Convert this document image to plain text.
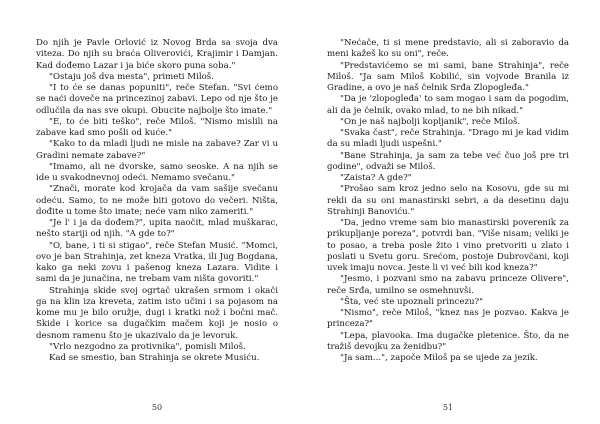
Do njih je Pavle Orlović iz Novog Brda sa svoja dva viteza. Do njih su braća Oliverovići, Krajimir i Damjan. Kad dođemo Lazar i ja biće skoro puna soba."

"Ostaju još dva mesta", primeti Miloš.

"I to će se danas popuniti", reče Stefan. "Svi ćemo se naći dovеče na princezinoj zabavi. Lepo od nje što je odlučila da nas sve okupi. Obucite najbolje što imate."

"E, to će biti teško", reče Miloš. "Nismo mislili na zabave kad smo pošli od kuće."

"Kako to da mladi ljudi ne misle na zabave? Zar vi u Gradini nemate zabave?"

"Imamo, ali ne dvorske, samo seoske. A na njih se ide u svakodnevnoj odeći. Nemamo svečanu."

"Znači, morate kod krojača da vam sašije svečanu odeću. Samo, to ne može biti gotovo do večeri. Ništa, dođite u tome što imate; neće vam niko zameriti."

"Je l' i ja da dođem?", upita naočit, mlad muškarac, nešto stariji od njih. "A gde to?"

"O, bane, i ti si stigao", reče Stefan Musić. "Momci, ovo je ban Strahinja, zet kneza Vratka, ili Jug Bogdana, kako ga neki zovu i pašenog kneza Lazara. Vidite i sami da je junačina, ne trebam vam ništa govoriti."

Strahinja skide svoj ogrtač ukrašen srmom i okači ga na klin iza kreveta, zatim isto učini i sa pojasom na kome mu je bilo oružje, dugi i kratki nož i bočni mač. Skide i korice sa dugačkim mačem koji je nosio o desnom ramenu što je ukazivalo da je levoruk.

"Vrlo nezgodno za protivnika", pomisli Miloš.

Kad se smestio, ban Strahinja se okrete Musiću.

50

"Nećače, ti si mene predstavio, ali si zaboravio da meni kažeš ko su oni", reče.

"Predstavićemo se mi sami, bane Strahinja", reče Miloš. "Ja sam Miloš Kobilić, sin vojvode Branila iz Gradine, a ovo je naš čelnik Srđa Zlopogleđa."

"Da je 'zlopogleđa' to sam mogao i sam da pogodim, ali da je čelnik, ovako mlad, to ne bih nikad."

"On je naš najbolji kopljanik", reče Miloš.

"Svaka čast", reče Strahinja. "Drago mi je kad vidim da su mladi ljudi uspešni."

"Bane Strahinja, ja sam za tebe već čuo još pre tri godine", odvaži se Miloš.

"Zaista? A gde?"

"Prošao sam kroz jedno selo na Kosovu, gde su mi rekli da su oni manastirski sebri, a da desetinu daju Strahinji Banoviću."

"Da, jedno vreme sam bio manastirski poverenik za prikupljanje poreza", potvrdi ban. "Više nisam; veliki je to posao, a treba posle žito i vino pretvoriti u zlato i poslati u Svetu goru. Srećom, postoje Dubrovčani, koji uvek imaju novca. Jeste li vi već bili kod kneza?"

"Jesmo, i pozvani smo na zabavu princeze Olivere", reče Srđa, umilno se osmehnuvši.

"Šta, već ste upoznali princezu?"

"Nismo", reče Miloš, "knez nas je pozvao. Kakva je princeza?"

"Lepa, plavooka. Ima dugačke pletenice. Što, da ne tražiš devojku za ženidbu?"

"Ja sam...", započe Miloš pa se ujede za jezik.

51
